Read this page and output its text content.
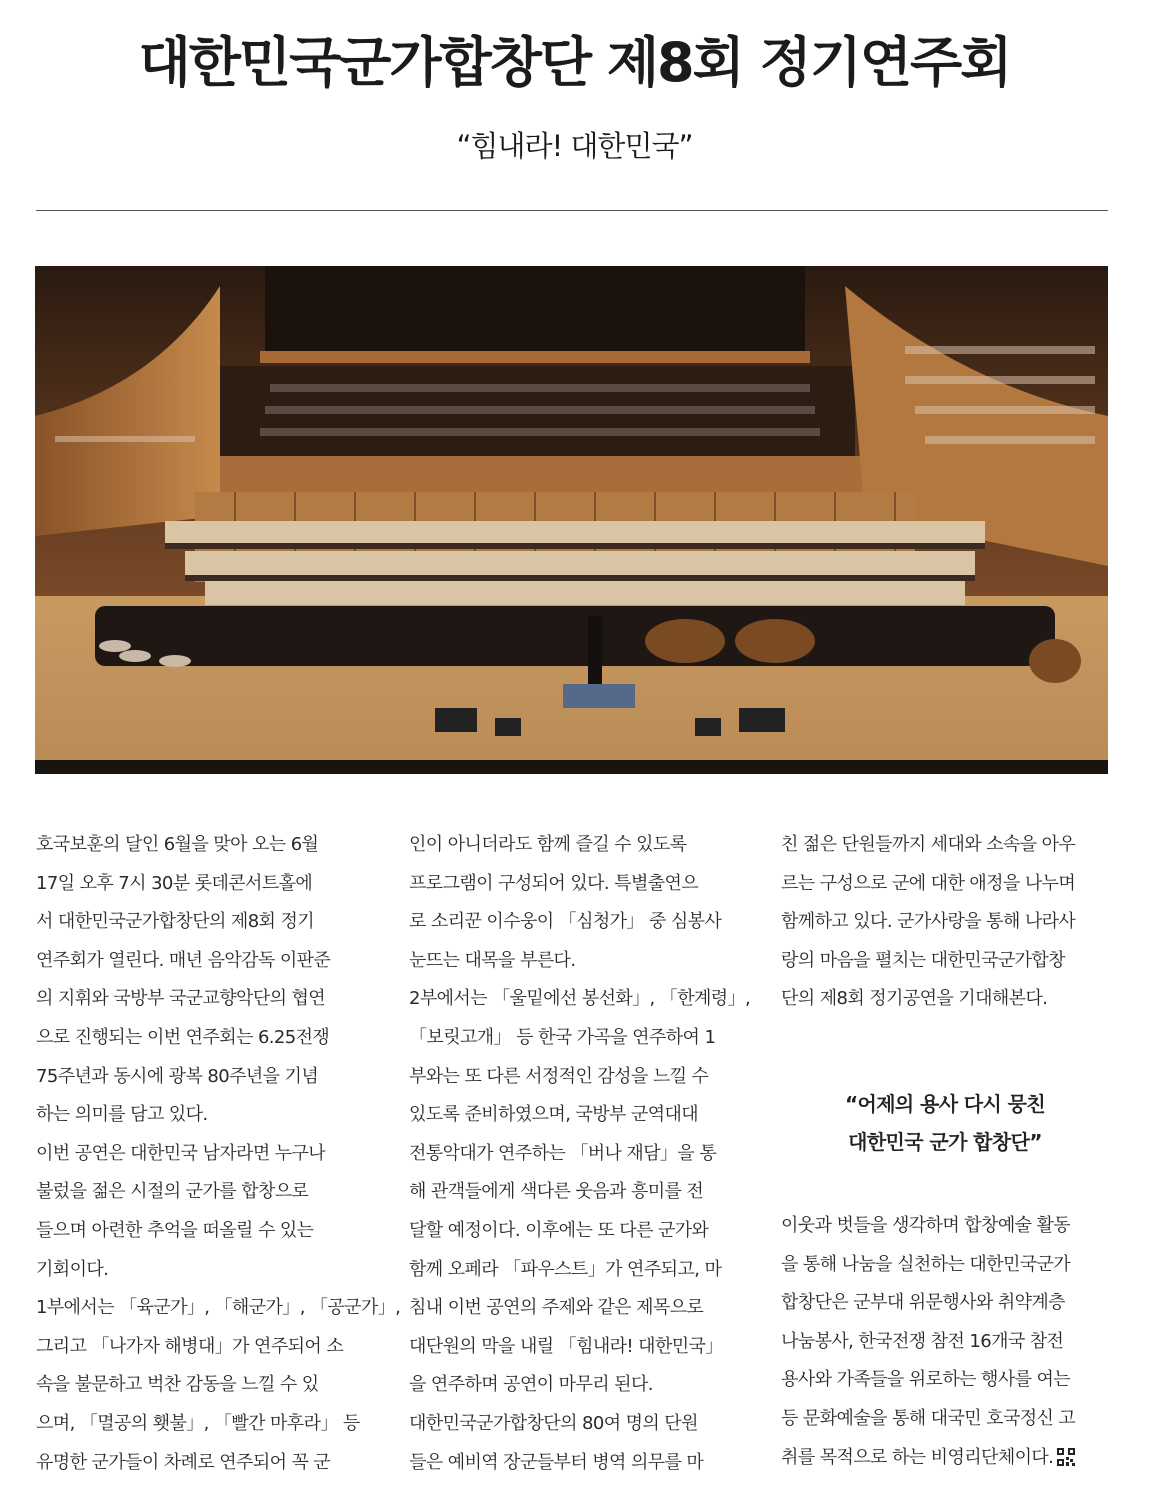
대한민국군가합창단 제8회 정기연주회
“힘내라! 대한민국”

호국보훈의 달인 6월을 맞아 오는 6월

17일 오후 7시 30분 롯데콘서트홀에

서 대한민국군가합창단의 제8회 정기

연주회가 열린다. 매년 음악감독 이판준

의 지휘와 국방부 국군교향악단의 협연

으로 진행되는 이번 연주회는 6.25전쟁

75주년과 동시에 광복 80주년을 기념

하는 의미를 담고 있다.

이번 공연은 대한민국 남자라면 누구나

불렀을 젊은 시절의 군가를 합창으로

들으며 아련한 추억을 떠올릴 수 있는

기회이다.

1부에서는 「육군가」, 「해군가」, 「공군가」,

그리고 「나가자 해병대」가 연주되어 소

속을 불문하고 벅찬 감동을 느낄 수 있

으며, 「멸공의 횃불」, 「빨간 마후라」 등

유명한 군가들이 차례로 연주되어 꼭 군

인이 아니더라도 함께 즐길 수 있도록

프로그램이 구성되어 있다. 특별출연으

로 소리꾼 이수웅이 「심청가」 중 심봉사

눈뜨는 대목을 부른다.

2부에서는 「울밑에선 봉선화」, 「한계령」,

「보릿고개」 등 한국 가곡을 연주하여 1

부와는 또 다른 서정적인 감성을 느낄 수

있도록 준비하였으며, 국방부 군역대대

전통악대가 연주하는 「버나 재담」을 통

해 관객들에게 색다른 웃음과 흥미를 전

달할 예정이다. 이후에는 또 다른 군가와

함께 오페라 「파우스트」가 연주되고, 마

침내 이번 공연의 주제와 같은 제목으로

대단원의 막을 내릴 「힘내라! 대한민국」

을 연주하며 공연이 마무리 된다.

대한민국군가합창단의 80여 명의 단원

들은 예비역 장군들부터 병역 의무를 마

친 젊은 단원들까지 세대와 소속을 아우

르는 구성으로 군에 대한 애정을 나누며

함께하고 있다. 군가사랑을 통해 나라사

랑의 마음을 펼치는 대한민국군가합창

단의 제8회 정기공연을 기대해본다.

“어제의 용사 다시 뭉친

대한민국 군가 합창단”

이웃과 벗들을 생각하며 합창예술 활동

을 통해 나눔을 실천하는 대한민국군가

합창단은 군부대 위문행사와 취약계층

나눔봉사, 한국전쟁 참전 16개국 참전

용사와 가족들을 위로하는 행사를 여는

등 문화예술을 통해 대국민 호국정신 고

취를 목적으로 하는 비영리단체이다.
